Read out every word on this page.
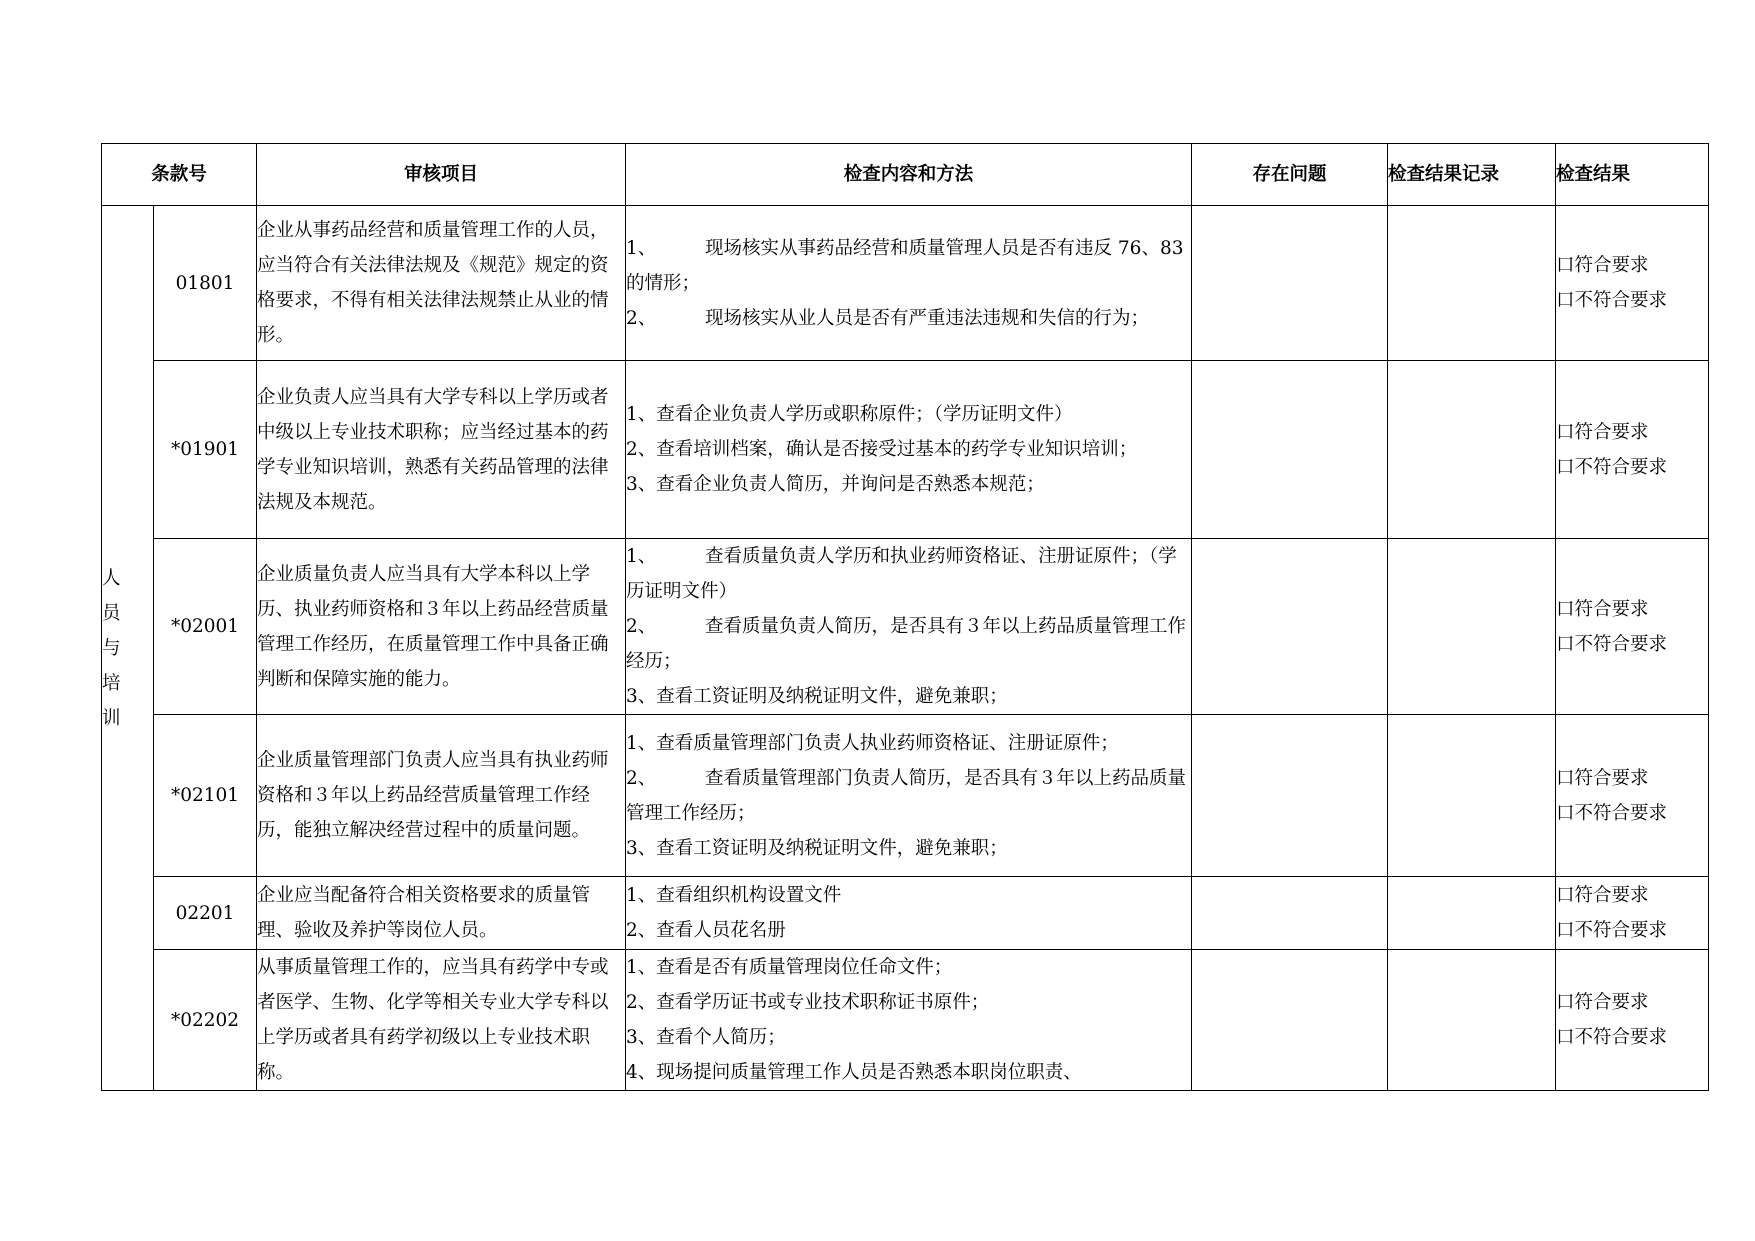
条款号		审核项目	检查内容和方法	存在问题	检查结果记录	检查结果
人员与培训	01801	企业从事药品经营和质量管理工作的人员，应当符合有关法律法规及《规范》规定的资格要求，不得有相关法律法规禁止从业的情形。	1、 现场核实从事药品经营和质量管理人员是否有违反 76、83 的情形；
2、 现场核实从业人员是否有严重违法违规和失信的行为；			口符合要求
口不符合要求

	*01901	企业负责人应当具有大学专科以上学历或者中级以上专业技术职称；应当经过基本的药学专业知识培训，熟悉有关药品管理的法律法规及本规范。	1、查看企业负责人学历或职称原件；（学历证明文件）
2、查看培训档案，确认是否接受过基本的药学专业知识培训；
3、查看企业负责人简历，并询问是否熟悉本规范；			口符合要求
口不符合要求

	*02001	企业质量负责人应当具有大学本科以上学历、执业药师资格和３年以上药品经营质量管理工作经历，在质量管理工作中具备正确判断和保障实施的能力。	1、 查看质量负责人学历和执业药师资格证、注册证原件；（学历证明文件）
2、 查看质量负责人简历，是否具有３年以上药品质量管理工作经历；
3、查看工资证明及纳税证明文件，避免兼职；			口符合要求
口不符合要求

	*02101	企业质量管理部门负责人应当具有执业药师资格和３年以上药品经营质量管理工作经历，能独立解决经营过程中的质量问题。	1、查看质量管理部门负责人执业药师资格证、注册证原件；
2、 查看质量管理部门负责人简历，是否具有３年以上药品质量管理工作经历；
3、查看工资证明及纳税证明文件，避免兼职；			口符合要求
口不符合要求

	02201	企业应当配备符合相关资格要求的质量管理、验收及养护等岗位人员。	1、查看组织机构设置文件
2、查看人员花名册			口符合要求
口不符合要求

	*02202	从事质量管理工作的，应当具有药学中专或者医学、生物、化学等相关专业大学专科以上学历或者具有药学初级以上专业技术职称。	1、查看是否有质量管理岗位任命文件；
2、查看学历证书或专业技术职称证书原件；
3、查看个人简历；
4、现场提问质量管理工作人员是否熟悉本职岗位职责、			口符合要求
口不符合要求
